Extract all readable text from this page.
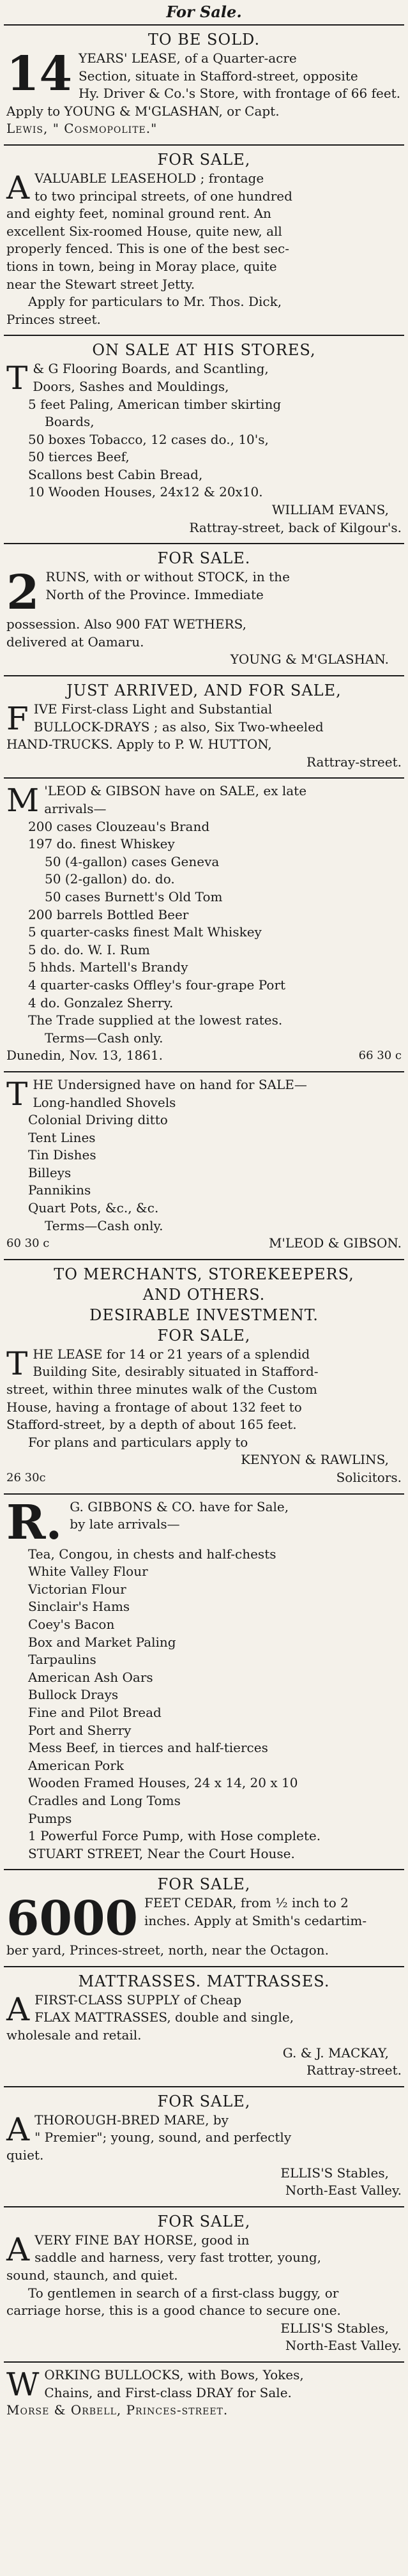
For Sale.
TO BE SOLD.
14 YEARS' LEASE, of a Quarter-acre

Section, situate in Stafford-street, opposite

Hy. Driver & Co.'s Store, with frontage of 66 feet.

Apply to YOUNG & M'GLASHAN, or Capt.

Lewis, " Cosmopolite."

FOR SALE,
A VALUABLE LEASEHOLD ; frontage

to two principal streets, of one hundred

and eighty feet, nominal ground rent. An

excellent Six-roomed House, quite new, all

properly fenced. This is one of the best sec-

tions in town, being in Moray place, quite

near the Stewart street Jetty.

Apply for particulars to Mr. Thos. Dick,

Princes street.

ON SALE AT HIS STORES,
T & G Flooring Boards, and Scantling,

Doors, Sashes and Mouldings,

5 feet Paling, American timber skirting

Boards,

50 boxes Tobacco, 12 cases do., 10's,

50 tierces Beef,

Scallons best Cabin Bread,

10 Wooden Houses, 24x12 & 20x10.

WILLIAM EVANS,

Rattray-street, back of Kilgour's.

FOR SALE.
2 RUNS, with or without STOCK, in the

North of the Province. Immediate

possession. Also 900 FAT WETHERS,

delivered at Oamaru.

YOUNG & M'GLASHAN.

JUST ARRIVED, AND FOR SALE,
F IVE First-class Light and Substantial

BULLOCK-DRAYS ; as also, Six Two-wheeled

HAND-TRUCKS. Apply to P. W. HUTTON,

Rattray-street.

M 'LEOD & GIBSON have on SALE, ex late

arrivals—

200 cases Clouzeau's Brand

197 do. finest Whiskey

50 (4-gallon) cases Geneva

50 (2-gallon) do. do.

50 cases Burnett's Old Tom

200 barrels Bottled Beer

5 quarter-casks finest Malt Whiskey

5 do. do. W. I. Rum

5 hhds. Martell's Brandy

4 quarter-casks Offley's four-grape Port

4 do. Gonzalez Sherry.

The Trade supplied at the lowest rates.

Terms—Cash only.

Dunedin, Nov. 13, 1861.	66 30 c
T HE Undersigned have on hand for SALE—

Long-handled Shovels

Colonial Driving ditto

Tent Lines

Tin Dishes

Billeys

Pannikins

Quart Pots, &c., &c.

Terms—Cash only.

60 30 c	M'LEOD & GIBSON.
TO MERCHANTS, STOREKEEPERS,
AND OTHERS.
DESIRABLE INVESTMENT.
FOR SALE,
T HE LEASE for 14 or 21 years of a splendid

Building Site, desirably situated in Stafford-

street, within three minutes walk of the Custom

House, having a frontage of about 132 feet to

Stafford-street, by a depth of about 165 feet.

For plans and particulars apply to

KENYON & RAWLINS,

26 30c	Solicitors.
R. G. GIBBONS & CO. have for Sale,

by late arrivals—

Tea, Congou, in chests and half-chests

White Valley Flour

Victorian Flour

Sinclair's Hams

Coey's Bacon

Box and Market Paling

Tarpaulins

American Ash Oars

Bullock Drays

Fine and Pilot Bread

Port and Sherry

Mess Beef, in tierces and half-tierces

American Pork

Wooden Framed Houses, 24 x 14, 20 x 10

Cradles and Long Toms

Pumps

1 Powerful Force Pump, with Hose complete.

STUART STREET, Near the Court House.

FOR SALE,
6000 FEET CEDAR, from ½ inch to 2

inches. Apply at Smith's cedartim-

ber yard, Princes-street, north, near the Octagon.

MATTRASSES. MATTRASSES.
A FIRST-CLASS SUPPLY of Cheap

FLAX MATTRASSES, double and single,

wholesale and retail.

G. & J. MACKAY,

Rattray-street.

FOR SALE,
A THOROUGH-BRED MARE, by

" Premier"; young, sound, and perfectly

quiet.

ELLIS'S Stables,

North-East Valley.

FOR SALE,
A VERY FINE BAY HORSE, good in

saddle and harness, very fast trotter, young,

sound, staunch, and quiet.

To gentlemen in search of a first-class buggy, or

carriage horse, this is a good chance to secure one.

ELLIS'S Stables,

North-East Valley.

W ORKING BULLOCKS, with Bows, Yokes,

Chains, and First-class DRAY for Sale.

Morse & Orbell, Princes-street.
